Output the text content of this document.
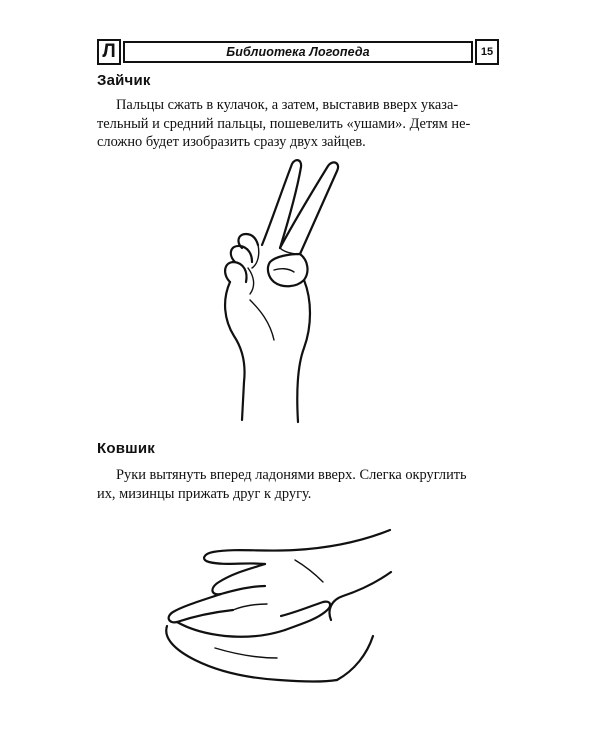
Л	Библиотека Логопеда	15
Зайчик
Пальцы сжать в кулачок, а затем, выставив вверх указа-
тельный и средний пальцы, пошевелить «ушами». Детям не-
сложно будет изобразить сразу двух зайцев.
Ковшик
Руки вытянуть вперед ладонями вверх. Слегка округлить
их, мизинцы прижать друг к другу.
